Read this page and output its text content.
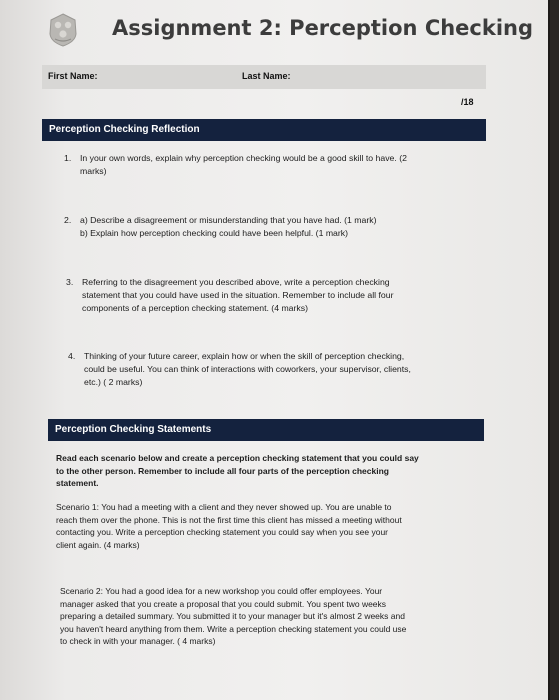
Assignment 2: Perception Checking
First Name:	Last Name:
/18
Perception Checking Reflection
1. In your own words, explain why perception checking would be a good skill to have. (2
marks)
2. a) Describe a disagreement or misunderstanding that you have had. (1 mark)
b) Explain how perception checking could have been helpful. (1 mark)
3. Referring to the disagreement you described above, write a perception checking
statement that you could have used in the situation. Remember to include all four
components of a perception checking statement. (4 marks)
4. Thinking of your future career, explain how or when the skill of perception checking,
could be useful. You can think of interactions with coworkers, your supervisor, clients,
etc.) ( 2 marks)
Perception Checking Statements
Read each scenario below and create a perception checking statement that you could say
to the other person. Remember to include all four parts of the perception checking
statement.
Scenario 1: You had a meeting with a client and they never showed up. You are unable to
reach them over the phone. This is not the first time this client has missed a meeting without
contacting you. Write a perception checking statement you could say when you see your
client again. (4 marks)
Scenario 2: You had a good idea for a new workshop you could offer employees. Your
manager asked that you create a proposal that you could submit. You spent two weeks
preparing a detailed summary. You submitted it to your manager but it's almost 2 weeks and
you haven't heard anything from them. Write a perception checking statement you could use
to check in with your manager. ( 4 marks)
